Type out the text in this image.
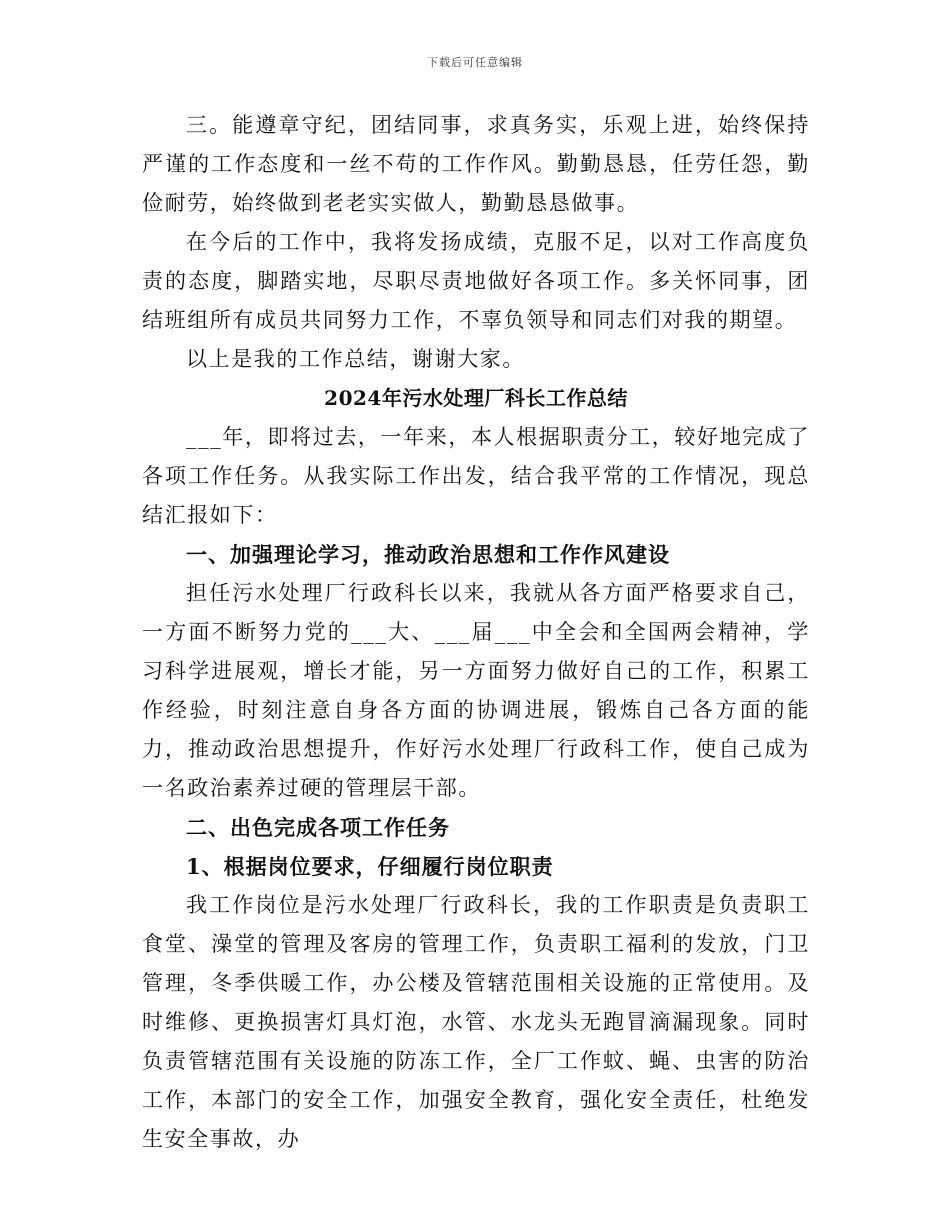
下载后可任意编辑

三。能遵章守纪，团结同事，求真务实，乐观上进，始终保持严谨的工作态度和一丝不苟的工作作风。勤勤恳恳，任劳任怨，勤俭耐劳，始终做到老老实实做人，勤勤恳恳做事。

在今后的工作中，我将发扬成绩，克服不足，以对工作高度负责的态度，脚踏实地，尽职尽责地做好各项工作。多关怀同事，团结班组所有成员共同努力工作，不辜负领导和同志们对我的期望。

以上是我的工作总结，谢谢大家。

2024年污水处理厂科长工作总结

___年，即将过去，一年来，本人根据职责分工，较好地完成了各项工作任务。从我实际工作出发，结合我平常的工作情况，现总结汇报如下：

一、加强理论学习，推动政治思想和工作作风建设

担任污水处理厂行政科长以来，我就从各方面严格要求自己，一方面不断努力党的___大、___届___中全会和全国两会精神，学习科学进展观，增长才能，另一方面努力做好自己的工作，积累工作经验，时刻注意自身各方面的协调进展，锻炼自己各方面的能力，推动政治思想提升，作好污水处理厂行政科工作，使自己成为一名政治素养过硬的管理层干部。

二、出色完成各项工作任务

1、根据岗位要求，仔细履行岗位职责

我工作岗位是污水处理厂行政科长，我的工作职责是负责职工食堂、澡堂的管理及客房的管理工作，负责职工福利的发放，门卫管理，冬季供暖工作，办公楼及管辖范围相关设施的正常使用。及时维修、更换损害灯具灯泡，水管、水龙头无跑冒滴漏现象。同时负责管辖范围有关设施的防冻工作，全厂工作蚊、蝇、虫害的防治工作，本部门的安全工作，加强安全教育，强化安全责任，杜绝发生安全事故，办
